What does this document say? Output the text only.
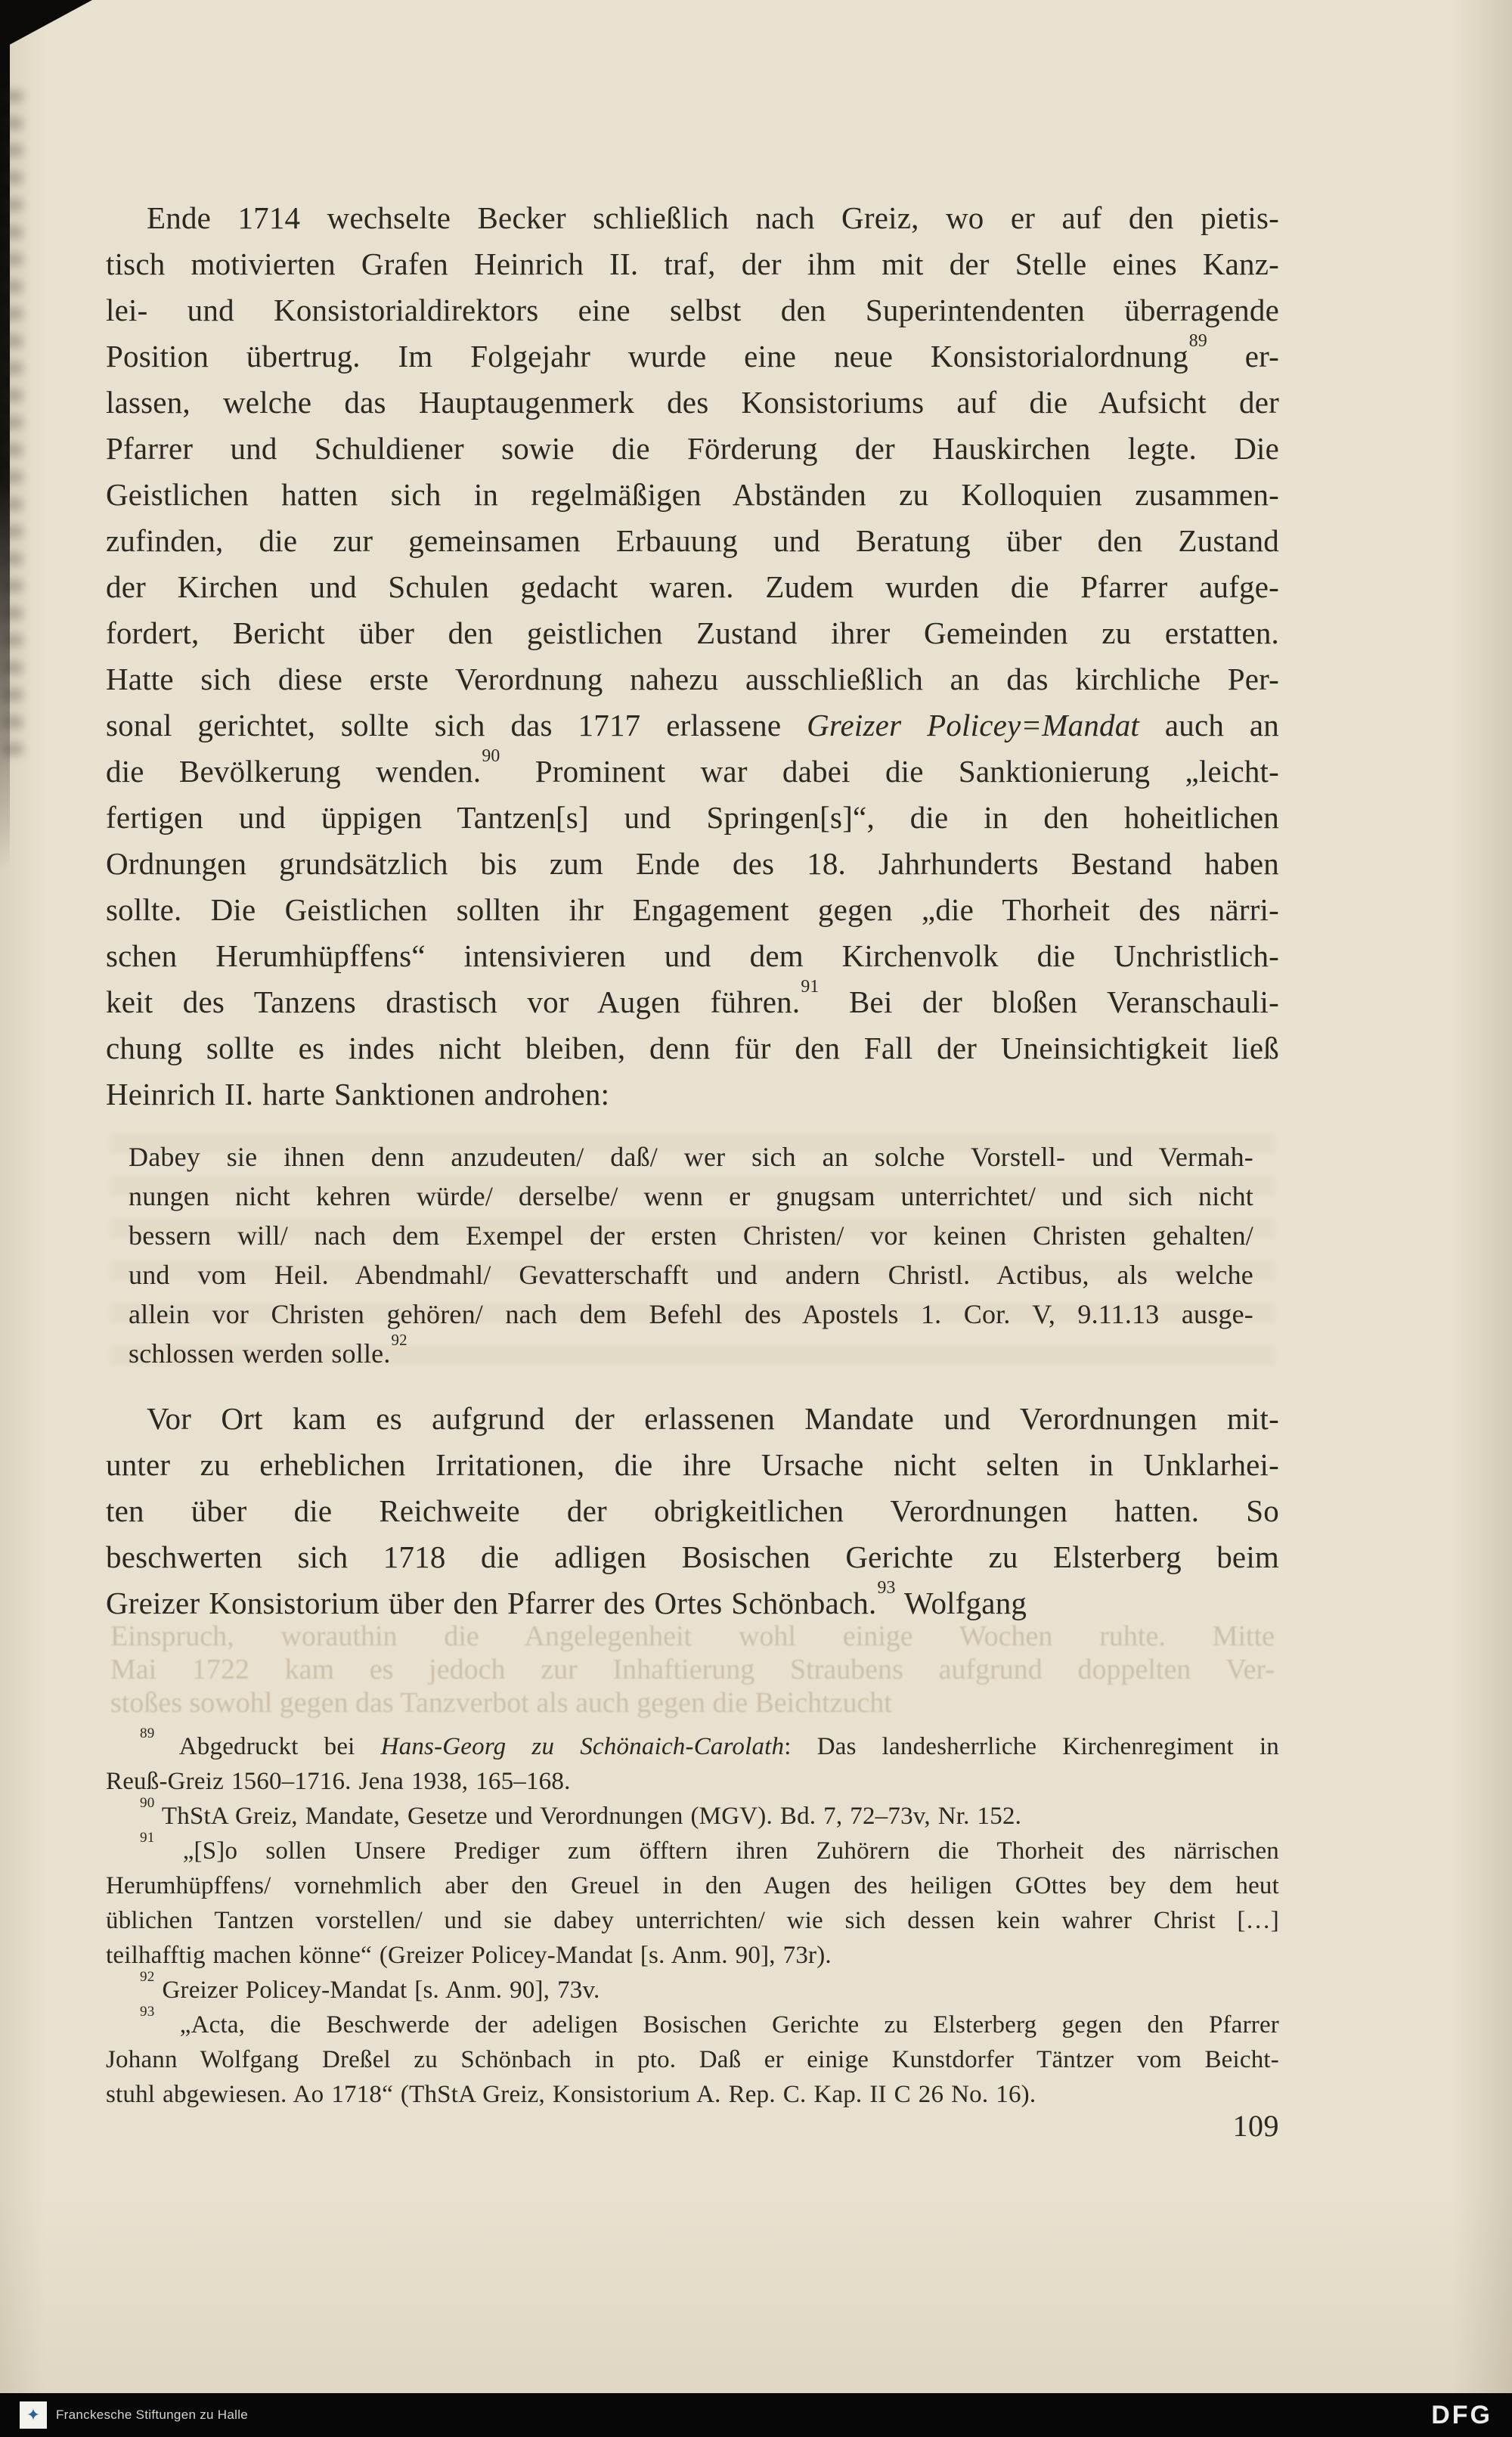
Einspruch, worauthin die Angelegenheit wohl einige Wochen ruhte. Mitte
Mai 1722 kam es jedoch zur Inhaftierung Straubens aufgrund doppelten Ver-
stoßes sowohl gegen das Tanzverbot als auch gegen die Beichtzucht
Ende 1714 wechselte Becker schließlich nach Greiz, wo er auf den pietis-
tisch motivierten Grafen Heinrich II. traf, der ihm mit der Stelle eines Kanz-
lei- und Konsistorialdirektors eine selbst den Superintendenten überragende
Position übertrug. Im Folgejahr wurde eine neue Konsistorialordnung$^{89}$ er-
lassen, welche das Hauptaugenmerk des Konsistoriums auf die Aufsicht der
Pfarrer und Schuldiener sowie die Förderung der Hauskirchen legte. Die
Geistlichen hatten sich in regelmäßigen Abständen zu Kolloquien zusammen-
zufinden, die zur gemeinsamen Erbauung und Beratung über den Zustand
der Kirchen und Schulen gedacht waren. Zudem wurden die Pfarrer aufge-
fordert, Bericht über den geistlichen Zustand ihrer Gemeinden zu erstatten.
Hatte sich diese erste Verordnung nahezu ausschließlich an das kirchliche Per-
sonal gerichtet, sollte sich das 1717 erlassene Greizer Policey=Mandat auch an
die Bevölkerung wenden.$^{90}$ Prominent war dabei die Sanktionierung „leicht-
fertigen und üppigen Tantzen[s] und Springen[s]“, die in den hoheitlichen
Ordnungen grundsätzlich bis zum Ende des 18. Jahrhunderts Bestand haben
sollte. Die Geistlichen sollten ihr Engagement gegen „die Thorheit des närri-
schen Herumhüpffens“ intensivieren und dem Kirchenvolk die Unchristlich-
keit des Tanzens drastisch vor Augen führen.$^{91}$ Bei der bloßen Veranschauli-
chung sollte es indes nicht bleiben, denn für den Fall der Uneinsichtigkeit ließ
Heinrich II. harte Sanktionen androhen:
Dabey sie ihnen denn anzudeuten/ daß/ wer sich an solche Vorstell- und Vermah-
nungen nicht kehren würde/ derselbe/ wenn er gnugsam unterrichtet/ und sich nicht
bessern will/ nach dem Exempel der ersten Christen/ vor keinen Christen gehalten/
und vom Heil. Abendmahl/ Gevatterschafft und andern Christl. Actibus, als welche
allein vor Christen gehören/ nach dem Befehl des Apostels 1. Cor. V, 9.11.13 ausge-
schlossen werden solle.$^{92}$
Vor Ort kam es aufgrund der erlassenen Mandate und Verordnungen mit-
unter zu erheblichen Irritationen, die ihre Ursache nicht selten in Unklarhei-
ten über die Reichweite der obrigkeitlichen Verordnungen hatten. So
beschwerten sich 1718 die adligen Bosischen Gerichte zu Elsterberg beim
Greizer Konsistorium über den Pfarrer des Ortes Schönbach.$^{93}$ Wolfgang
$^{89}$ Abgedruckt bei Hans-Georg zu Schönaich-Carolath: Das landesherrliche Kirchenregiment in
Reuß-Greiz 1560–1716. Jena 1938, 165–168.
$^{90}$ ThStA Greiz, Mandate, Gesetze und Verordnungen (MGV). Bd. 7, 72–73v, Nr. 152.
$^{91}$ „[S]o sollen Unsere Prediger zum öfftern ihren Zuhörern die Thorheit des närrischen
Herumhüpffens/ vornehmlich aber den Greuel in den Augen des heiligen GOttes bey dem heut
üblichen Tantzen vorstellen/ und sie dabey unterrichten/ wie sich dessen kein wahrer Christ […]
teilhafftig machen könne“ (Greizer Policey-Mandat [s. Anm. 90], 73r).
$^{92}$ Greizer Policey-Mandat [s. Anm. 90], 73v.
$^{93}$ „Acta, die Beschwerde der adeligen Bosischen Gerichte zu Elsterberg gegen den Pfarrer
Johann Wolfgang Dreßel zu Schönbach in pto. Daß er einige Kunstdorfer Täntzer vom Beicht-
stuhl abgewiesen. Ao 1718“ (ThStA Greiz, Konsistorium A. Rep. C. Kap. II C 26 No. 16).
109
✦	Franckesche Stiftungen zu Halle	DFG
